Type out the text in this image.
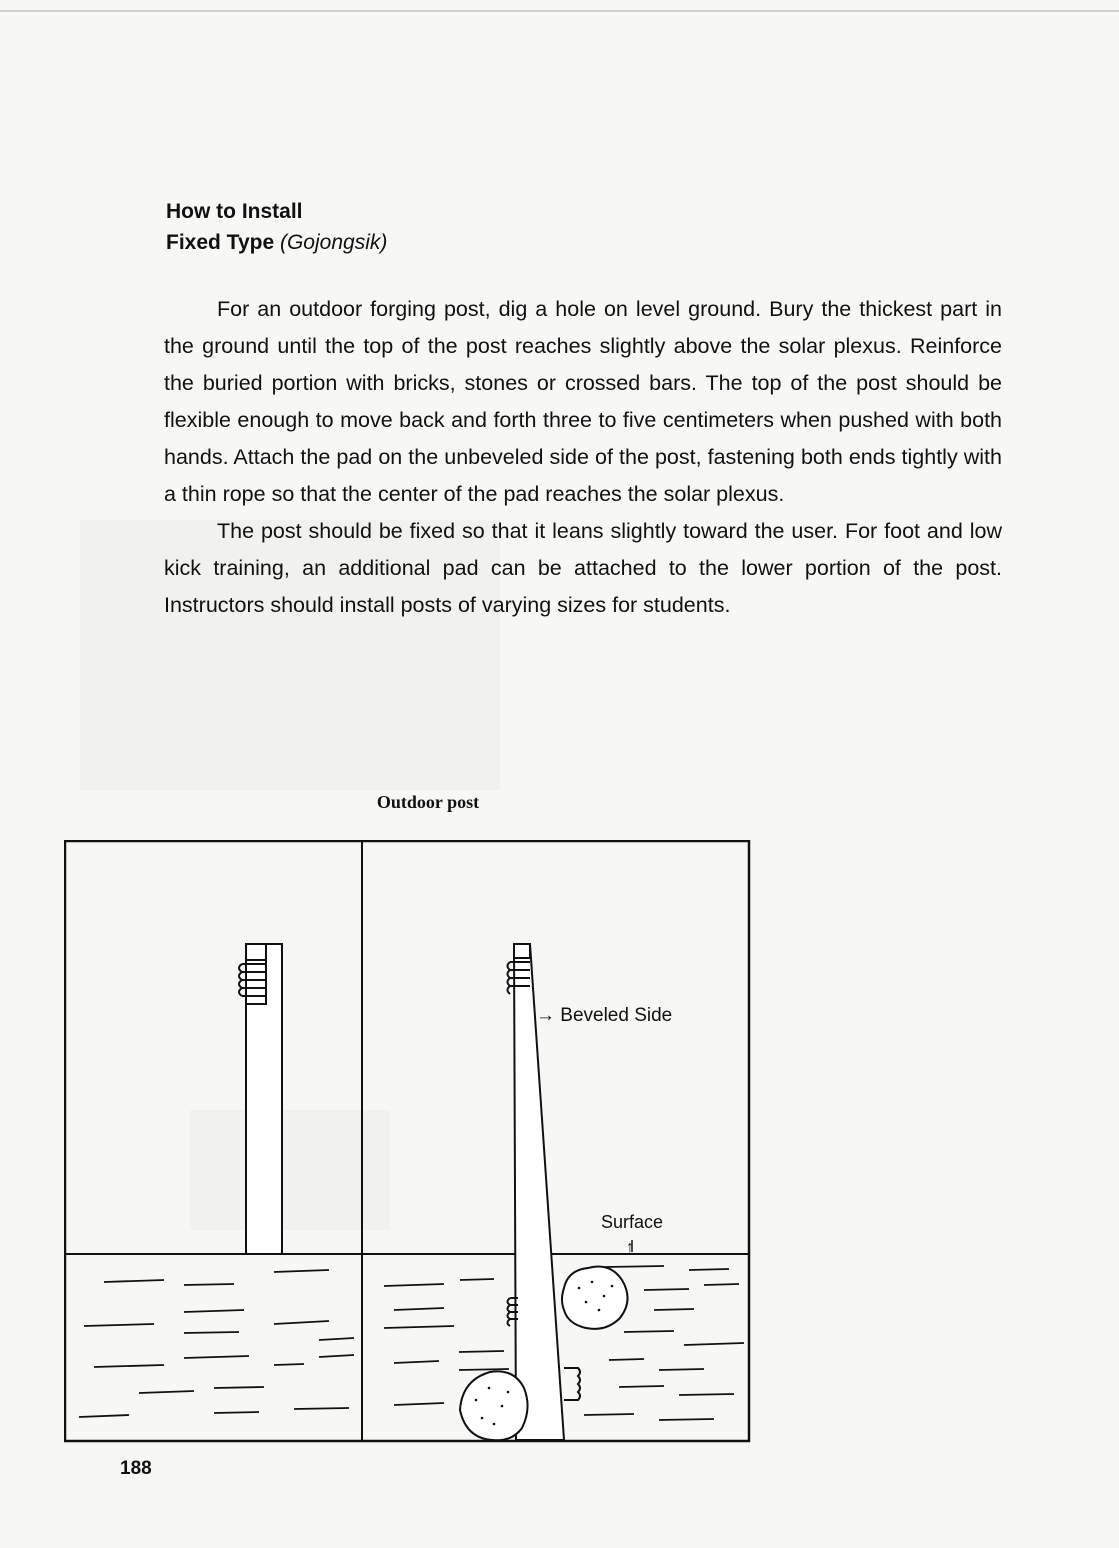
How to Install
Fixed Type (Gojongsik)

For an outdoor forging post, dig a hole on level ground. Bury the thickest part in the ground until the top of the post reaches slightly above the solar plexus. Reinforce the buried portion with bricks, stones or crossed bars. The top of the post should be flexible enough to move back and forth three to five centimeters when pushed with both hands. Attach the pad on the unbeveled side of the post, fastening both ends tightly with a thin rope so that the center of the pad reaches the solar plexus.

The post should be fixed so that it leans slightly toward the user. For foot and low kick training, an additional pad can be attached to the lower portion of the post. Instructors should install posts of varying sizes for students.

Outdoor post
→ Beveled Side
Surface
↑
188
